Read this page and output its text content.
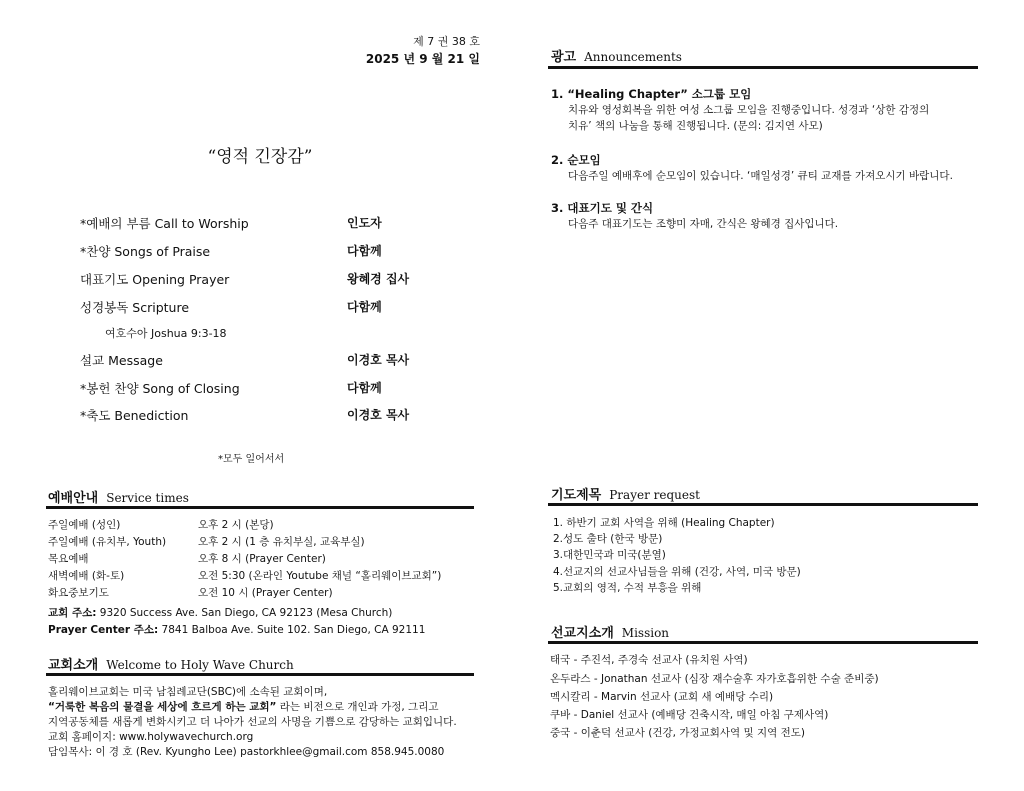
제 7 권 38 호
2025 년 9 월 21 일
“영적 긴장감”
*예배의 부름 Call to Worship	인도자
*찬양 Songs of Praise	다함께
대표기도 Opening Prayer	왕혜경 집사
성경봉독 Scripture	다함께
여호수아 Joshua 9:3-18
설교 Message	이경호 목사
*봉헌 찬양 Song of Closing	다함께
*축도 Benediction	이경호 목사
*모두 일어서서
예배안내 Service times
주일예배 (성인)	오후 2 시 (본당)
주일예배 (유치부, Youth)	오후 2 시 (1 층 유치부실, 교육부실)
목요예배	오후 8 시 (Prayer Center)
새벽예배 (화-토)	오전 5:30 (온라인 Youtube 채널 “홀리웨이브교회”)
화요중보기도	오전 10 시 (Prayer Center)
교회 주소: 9320 Success Ave. San Diego, CA 92123 (Mesa Church)
Prayer Center 주소: 7841 Balboa Ave. Suite 102. San Diego, CA 92111
교회소개 Welcome to Holy Wave Church
홀리웨이브교회는 미국 남침례교단(SBC)에 소속된 교회이며,
“거룩한 복음의 물결을 세상에 흐르게 하는 교회” 라는 비전으로 개인과 가정, 그리고
지역공동체를 새롭게 변화시키고 더 나아가 선교의 사명을 기쁨으로 감당하는 교회입니다.
교회 홈페이지: www.holywavechurch.org
담임목사: 이 경 호 (Rev. Kyungho Lee) pastorkhlee@gmail.com 858.945.0080
광고 Announcements
1. “Healing Chapter” 소그룹 모임
치유와 영성회복을 위한 여성 소그룹 모임을 진행중입니다. 성경과 ‘상한 감정의
치유’ 책의 나눔을 통해 진행됩니다. (문의: 김지연 사모)
2. 순모임
다음주일 예배후에 순모임이 있습니다. ‘매일성경’ 큐티 교재를 가져오시기 바랍니다.
3. 대표기도 및 간식
다음주 대표기도는 조향미 자매, 간식은 왕혜경 집사입니다.
기도제목 Prayer request
1. 하반기 교회 사역을 위해 (Healing Chapter)
2.성도 출타 (한국 방문)
3.대한민국과 미국(분열)
4.선교지의 선교사님들을 위해 (건강, 사역, 미국 방문)
5.교회의 영적, 수적 부흥을 위해
선교지소개 Mission
태국 - 주진석, 주경숙 선교사 (유치원 사역)
온두라스 - Jonathan 선교사 (심장 재수술후 자가호흡위한 수술 준비중)
멕시칼리 - Marvin 선교사 (교회 새 예배당 수리)
쿠바 - Daniel 선교사 (예배당 건축시작, 매일 아침 구제사역)
중국 - 이춘덕 선교사 (건강, 가정교회사역 및 지역 전도)
